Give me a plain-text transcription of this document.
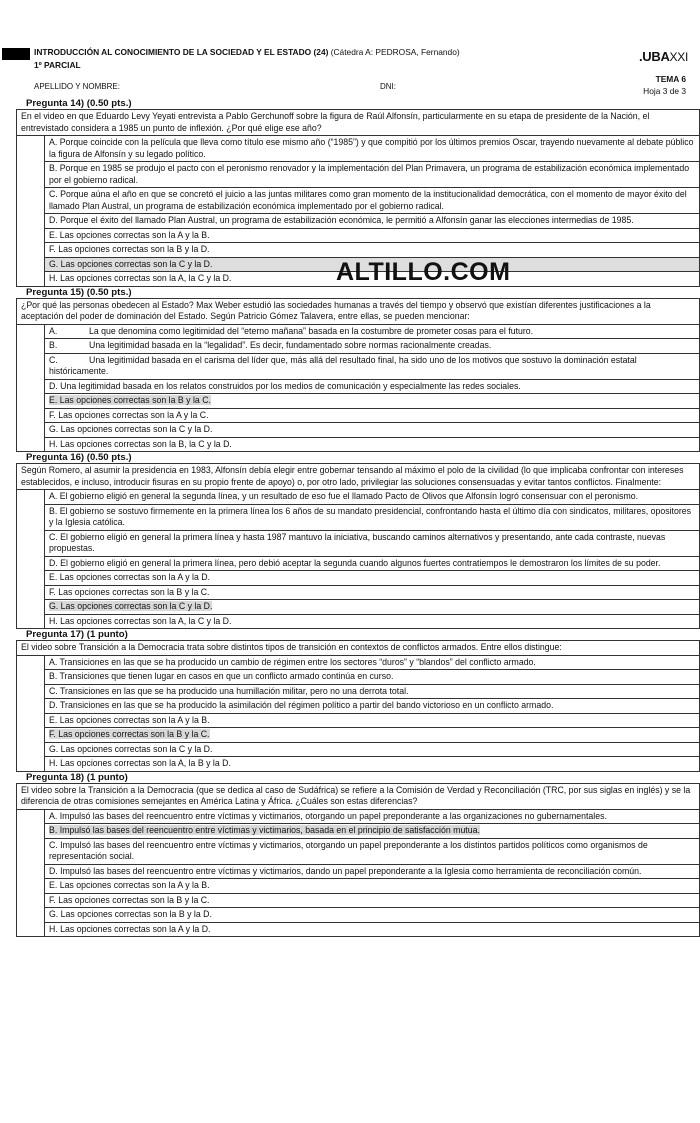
INTRODUCCIÓN AL CONOCIMIENTO DE LA SOCIEDAD Y EL ESTADO (24) (Cátedra A: PEDROSA, Fernando)
1º PARCIAL
.UBAXXI
TEMA 6
Hoja 3 de 3
APELLIDO Y NOMBRE:	DNI:
Pregunta 14) (0.50 pts.)
En el video en que Eduardo Levy Yeyati entrevista a Pablo Gerchunoff sobre la figura de Raúl Alfonsín, particularmente en su etapa de presidente de la Nación, el entrevistado considera a 1985 un punto de inflexión. ¿Por qué elige ese año?
A. Porque coincide con la película que lleva como título ese mismo año (“1985”) y que compitió por los últimos premios Oscar, trayendo nuevamente al debate público la figura de Alfonsín y su legado político.
B. Porque en 1985 se produjo el pacto con el peronismo renovador y la implementación del Plan Primavera, un programa de estabilización económica implementado por el gobierno radical.
C. Porque aúna el año en que se concretó el juicio a las juntas militares como gran momento de la institucionalidad democrática, con el momento de mayor éxito del llamado Plan Austral, un programa de estabilización económica implementado por el gobierno radical.
D. Porque el éxito del llamado Plan Austral, un programa de estabilización económica, le permitió a Alfonsín ganar las elecciones intermedias de 1985.
E. Las opciones correctas son la A y la B.
F. Las opciones correctas son la B y la D.
G. Las opciones correctas son la C y la D.
H. Las opciones correctas son la A, la C y la D.
Pregunta 15) (0.50 pts.)
¿Por qué las personas obedecen al Estado? Max Weber estudió las sociedades humanas a través del tiempo y observó que existían diferentes justificaciones a la aceptación del poder de dominación del Estado. Según Patricio Gómez Talavera, entre ellas, se pueden mencionar:
A.	La que denomina como legitimidad del “eterno mañana” basada en la costumbre de prometer cosas para el futuro.
B.	Una legitimidad basada en la “legalidad”. Es decir, fundamentado sobre normas racionalmente creadas.
C.	Una legitimidad basada en el carisma del líder que, más allá del resultado final, ha sido uno de los motivos que sostuvo la dominación estatal históricamente.
D. Una legitimidad basada en los relatos construidos por los medios de comunicación y especialmente las redes sociales.
E. Las opciones correctas son la B y la C.
F. Las opciones correctas son la A y la C.
G. Las opciones correctas son la C y la D.
H. Las opciones correctas son la B, la C y la D.
Pregunta 16) (0.50 pts.)
Según Romero, al asumir la presidencia en 1983, Alfonsín debía elegir entre gobernar tensando al máximo el polo de la civilidad (lo que implicaba confrontar con intereses establecidos, e incluso, introducir fisuras en su propio frente de apoyo) o, por otro lado, privilegiar las soluciones consensuadas y evitar tantos conflictos. Finalmente:
A. El gobierno eligió en general la segunda línea, y un resultado de eso fue el llamado Pacto de Olivos que Alfonsín logró consensuar con el peronismo.
B. El gobierno se sostuvo firmemente en la primera línea los 6 años de su mandato presidencial, confrontando hasta el último día con sindicatos, militares, opositores y la Iglesia católica.
C. El gobierno eligió en general la primera línea y hasta 1987 mantuvo la iniciativa, buscando caminos alternativos y presentando, ante cada contraste, nuevas propuestas.
D. El gobierno eligió en general la primera línea, pero debió aceptar la segunda cuando algunos fuertes contratiempos le demostraron los límites de su poder.
E. Las opciones correctas son la A y la D.
F. Las opciones correctas son la B y la C.
G. Las opciones correctas son la C y la D.
H. Las opciones correctas son la A, la C y la D.
Pregunta 17) (1 punto)
El video sobre Transición a la Democracia trata sobre distintos tipos de transición en contextos de conflictos armados. Entre ellos distingue:
A. Transiciones en las que se ha producido un cambio de régimen entre los sectores “duros” y “blandos” del conflicto armado.
B. Transiciones que tienen lugar en casos en que un conflicto armado continúa en curso.
C. Transiciones en las que se ha producido una humillación militar, pero no una derrota total.
D. Transiciones en las que se ha producido la asimilación del régimen político a partir del bando victorioso en un conflicto armado.
E. Las opciones correctas son la A y la B.
F. Las opciones correctas son la B y la C.
G. Las opciones correctas son la C y la D.
H. Las opciones correctas son la A, la B y la D.
Pregunta 18) (1 punto)
El video sobre la Transición a la Democracia (que se dedica al caso de Sudáfrica) se refiere a la Comisión de Verdad y Reconciliación (TRC, por sus siglas en inglés) y se la diferencia de otras comisiones semejantes en América Latina y África. ¿Cuáles son estas diferencias?
A. Impulsó las bases del reencuentro entre víctimas y victimarios, otorgando un papel preponderante a las organizaciones no gubernamentales.
B. Impulsó las bases del reencuentro entre víctimas y victimarios, basada en el principio de satisfacción mutua.
C. Impulsó las bases del reencuentro entre víctimas y victimarios, otorgando un papel preponderante a los distintos partidos políticos como organismos de representación social.
D. Impulsó las bases del reencuentro entre víctimas y victimarios, dando un papel preponderante a la Iglesia como herramienta de reconciliación común.
E. Las opciones correctas son la A y la B.
F. Las opciones correctas son la B y la C.
G. Las opciones correctas son la B y la D.
H. Las opciones correctas son la A y la D.
ALTILLO.COM
